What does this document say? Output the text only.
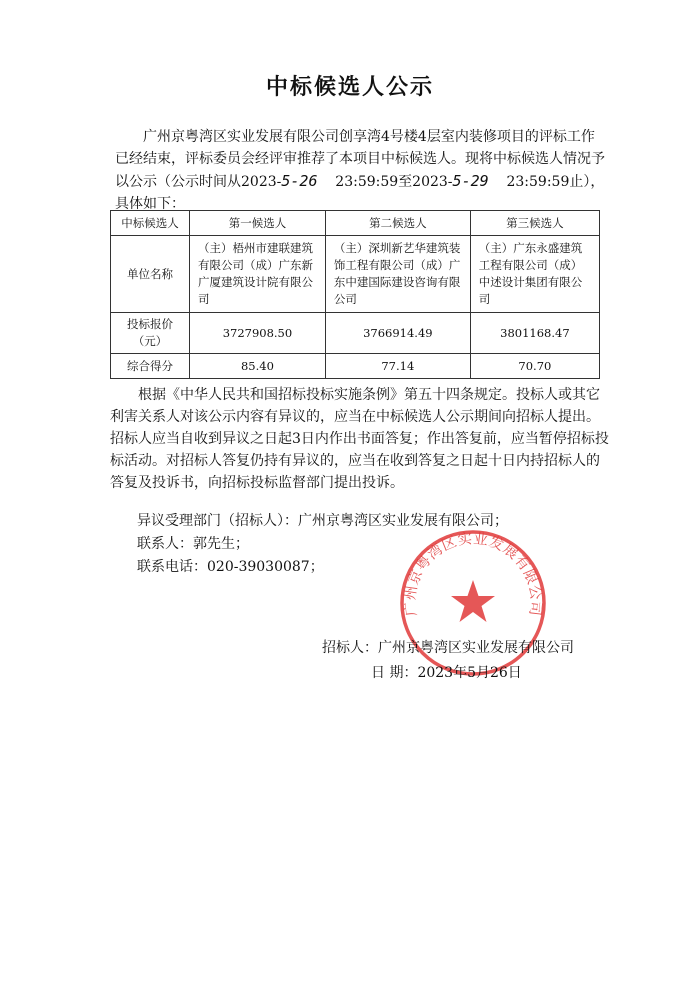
中标候选人公示
广州京粤湾区实业发展有限公司创享湾4号楼4层室内装修项目的评标工作已经结束，评标委员会经评审推荐了本项目中标候选人。现将中标候选人情况予以公示（公示时间从2023-5-26 23:59:59至2023-5-29 23:59:59止），具体如下：
中标候选人	第一候选人	第二候选人	第三候选人
单位名称	（主）梧州市建联建筑有限公司（成）广东新广厦建筑设计院有限公司	（主）深圳新艺华建筑装饰工程有限公司（成）广东中建国际建设咨询有限公司	（主）广东永盛建筑工程有限公司（成）中述设计集团有限公司
投标报价（元）	3727908.50	3766914.49	3801168.47
综合得分	85.40	77.14	70.70
根据《中华人民共和国招标投标实施条例》第五十四条规定。投标人或其它利害关系人对该公示内容有异议的，应当在中标候选人公示期间向招标人提出。招标人应当自收到异议之日起3日内作出书面答复；作出答复前，应当暂停招标投标活动。对招标人答复仍持有异议的，应当在收到答复之日起十日内持招标人的答复及投诉书，向招标投标监督部门提出投诉。
异议受理部门（招标人）：广州京粤湾区实业发展有限公司；
联系人：郭先生；
联系电话：020-39030087；
广州京粤湾区实业发展有限公司
招标人：广州京粤湾区实业发展有限公司
日 期：2023年5月26日
